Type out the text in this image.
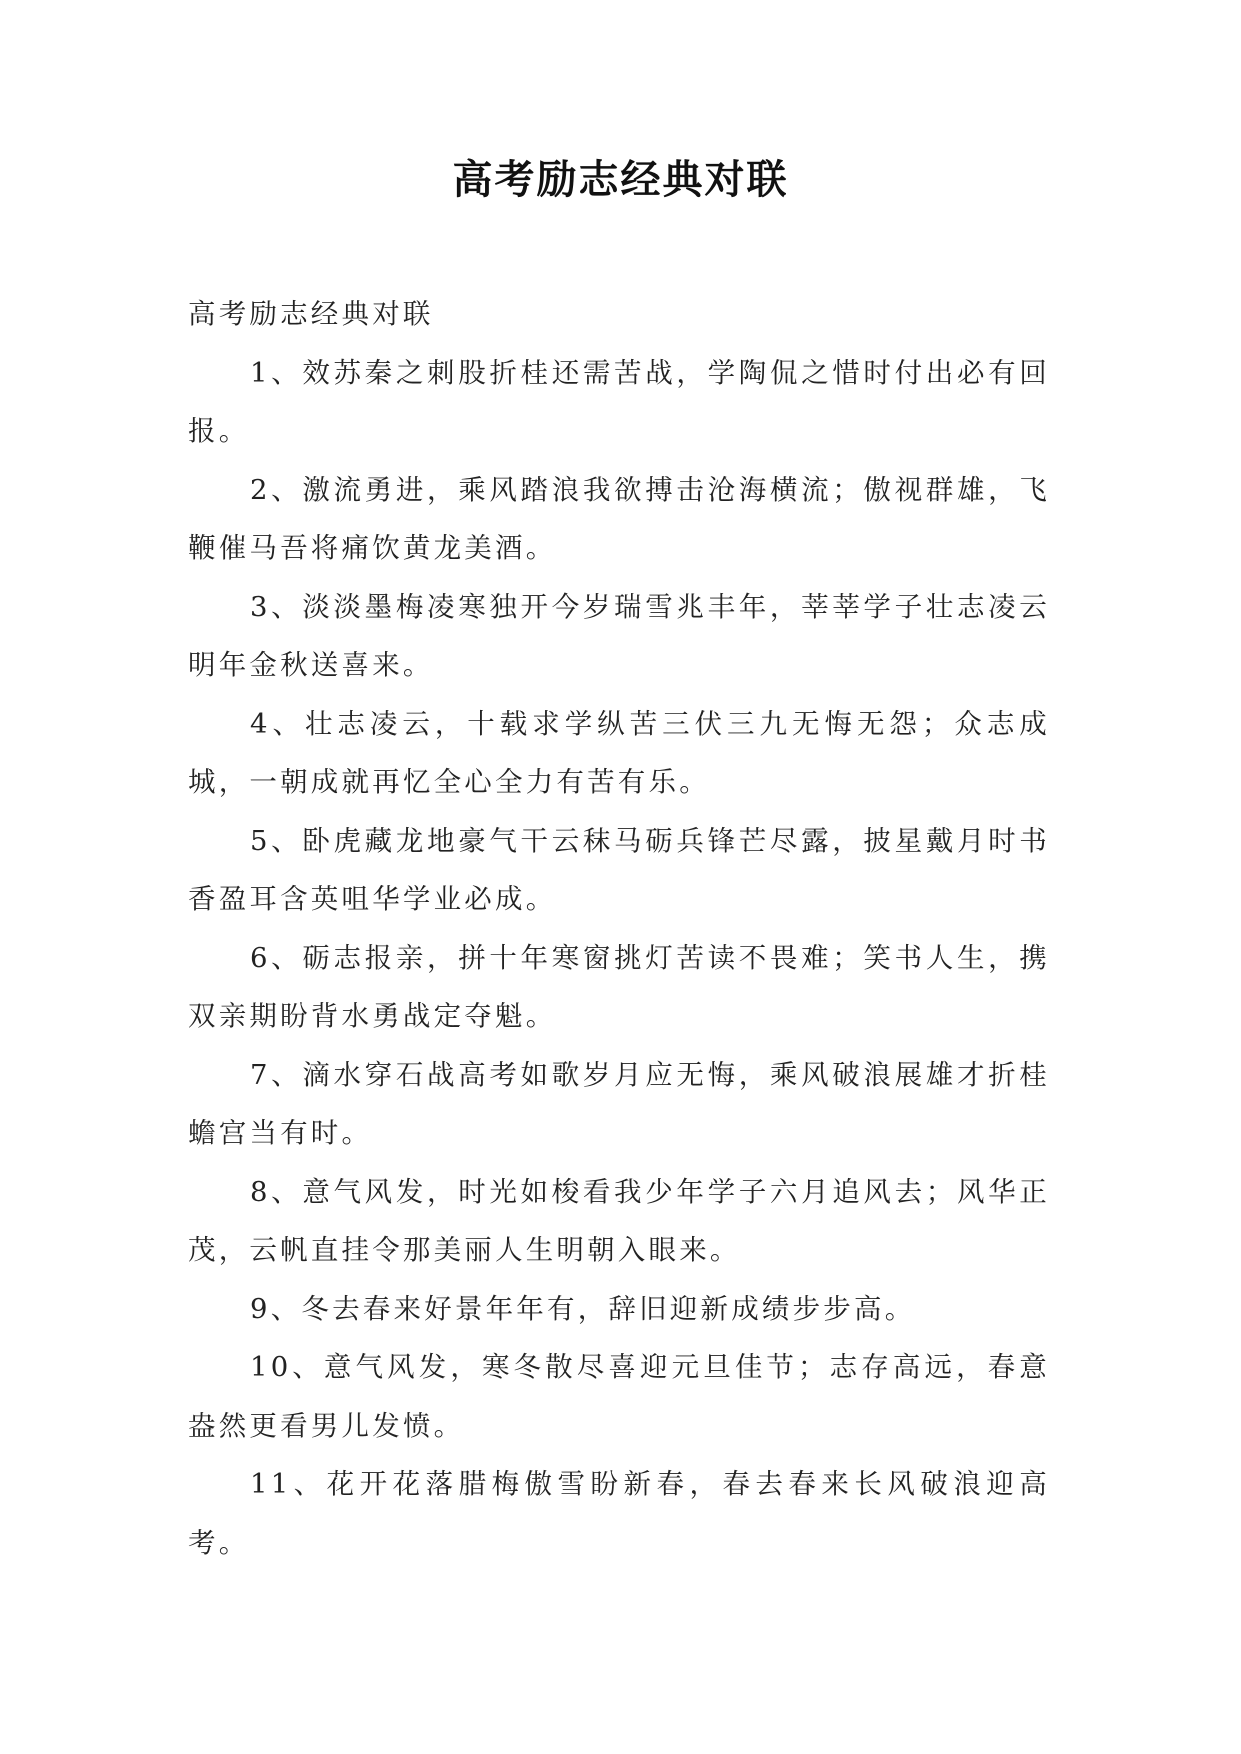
高考励志经典对联

高考励志经典对联

1、效苏秦之刺股折桂还需苦战，学陶侃之惜时付出必有回报。

2、激流勇进，乘风踏浪我欲搏击沧海横流；傲视群雄，飞鞭催马吾将痛饮黄龙美酒。

3、淡淡墨梅凌寒独开今岁瑞雪兆丰年，莘莘学子壮志凌云明年金秋送喜来。

4、壮志凌云，十载求学纵苦三伏三九无悔无怨；众志成城，一朝成就再忆全心全力有苦有乐。

5、卧虎藏龙地豪气干云秣马砺兵锋芒尽露，披星戴月时书香盈耳含英咀华学业必成。

6、砺志报亲，拼十年寒窗挑灯苦读不畏难；笑书人生，携双亲期盼背水勇战定夺魁。

7、滴水穿石战高考如歌岁月应无悔，乘风破浪展雄才折桂蟾宫当有时。

8、意气风发，时光如梭看我少年学子六月追风去；风华正茂，云帆直挂令那美丽人生明朝入眼来。

9、冬去春来好景年年有，辞旧迎新成绩步步高。

10、意气风发，寒冬散尽喜迎元旦佳节；志存高远，春意盎然更看男儿发愤。

11、花开花落腊梅傲雪盼新春，春去春来长风破浪迎高考。
